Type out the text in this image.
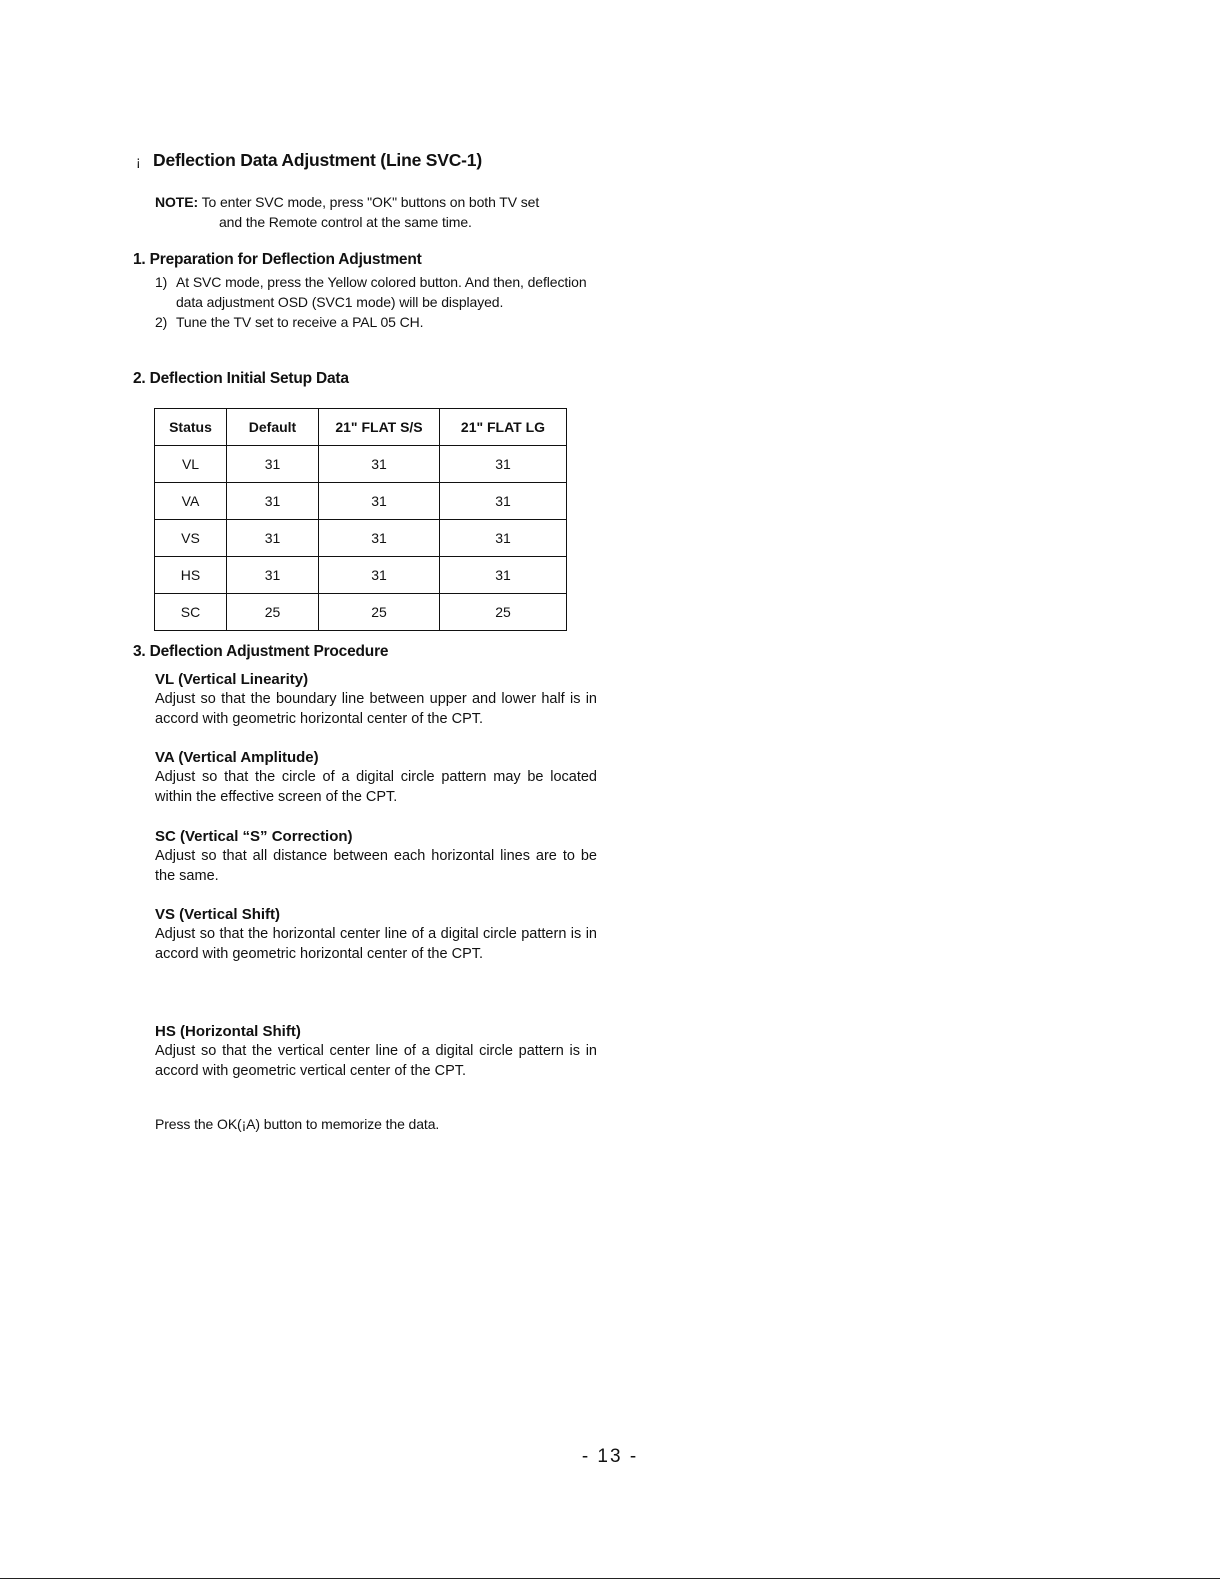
¡ Deflection Data Adjustment (Line SVC-1)
NOTE: To enter SVC mode, press "OK" buttons on both TV set
and the Remote control at the same time.
1. Preparation for Deflection Adjustment
1) At SVC mode, press the Yellow colored button. And then, deflection data adjustment OSD (SVC1 mode) will be displayed.
2) Tune the TV set to receive a PAL 05 CH.
2. Deflection Initial Setup Data
Status	Default	21" FLAT S/S	21" FLAT LG
VL	31	31	31
VA	31	31	31
VS	31	31	31
HS	31	31	31
SC	25	25	25
3. Deflection Adjustment Procedure
VL (Vertical Linearity)
Adjust so that the boundary line between upper and lower half is in accord with geometric horizontal center of the CPT.
VA (Vertical Amplitude)
Adjust so that the circle of a digital circle pattern may be located within the effective screen of the CPT.
SC (Vertical “S” Correction)
Adjust so that all distance between each horizontal lines are to be the same.
VS (Vertical Shift)
Adjust so that the horizontal center line of a digital circle pattern is in accord with geometric horizontal center of the CPT.
HS (Horizontal Shift)
Adjust so that the vertical center line of a digital circle pattern is in accord with geometric vertical center of the CPT.
Press the OK(¡A) button to memorize the data.
- 13 -
